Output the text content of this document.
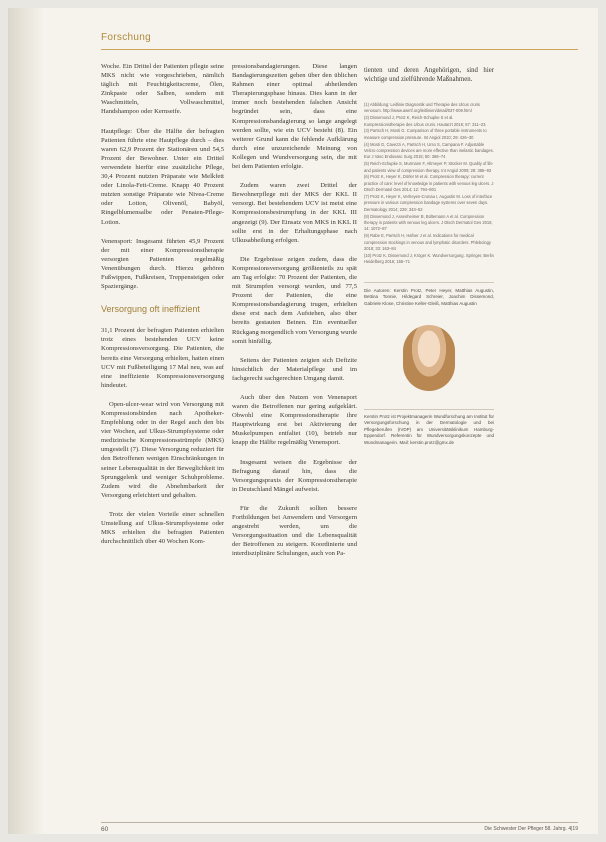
Forschung

Woche. Ein Drittel der Patienten pflegte seine MKS nicht wie vorgeschrieben, nämlich täglich mit Feuchtigkeitscreme, Ölen, Zinkpaste oder Salben, sondern mit Waschmitteln, Vollwaschmittel, Handshampoo oder Kernseife.

Hautpflege: Über die Hälfte der befragten Patienten führte eine Hautpflege durch – dies waren 62,9 Prozent der Stationären und 54,5 Prozent der Bewohner. Unter ein Drittel verwendete hierfür eine zusätzliche Pflege, 30,4 Prozent nutzten Präparate wie Melkfett oder Linola-Fett-Creme. Knapp 40 Prozent nutzten sonstige Präparate wie Nivea-Creme oder Lotion, Olivenöl, Babyöl, Ringelblumensalbe oder Penaten-Pflege-Lotion.

Venensport: Insgesamt führten 45,9 Prozent der mit einer Kompressionstherapie versorgten Patienten regelmäßig Venenübungen durch. Hierzu gehören Fußwippen, Fußkreisen, Treppensteigen oder Spaziergänge.

Versorgung oft ineffizient

31,1 Prozent der befragten Patienten erhielten trotz eines bestehenden UCV keine Kompressionsversorgung. Die Patienten, die bereits eine Versorgung erhielten, hatten einen UCV mit Fußbeteiligung 17 Mal neu, was auf eine ineffiziente Kompressionsversorgung hindeutet.

Open-ulcer-wear wird von Versorgung mit Kompressionsbinden nach Apotheker-Empfehlung oder in der Regel auch den bis vier Wochen, auf Ulkus-Strumpfsysteme oder medizinische Kompressionsstrümpfe (MKS) umgestellt (7). Diese Versorgung reduziert für den Betroffenen wenigen Einschränkungen in seiner Lebensqualität in der Beweglichkeit im Sprunggelenk und weniger Schuhprobleme. Zudem wird die Abnehmbarkeit der Versorgung erleichtert und gehalten.

Trotz der vielen Vorteile einer schnellen Umstellung auf Ulkus-Strumpfsysteme oder MKS erhielten die befragten Patienten durchschnittlich über 40 Wochen Kom-

pressionsbandagierungen. Diese langen Bandagierungszeiten gehen über den üblichen Rahmen einer optimal abheilenden Therapierungsphase hinaus. Dies kann in der immer noch bestehenden falschen Ansicht begründet sein, dass eine Kompressionsbandagierung so lange angelegt werden sollte, wie ein UCV besteht (8). Ein weiterer Grund kann die fehlende Aufklärung durch eine unzureichende Meinung von Kollegen und Wundversorgung sein, die mit bei dem Patienten erfolgte.

Zudem waren zwei Drittel der Bewohnerpflege mit der MKS der KKL II versorgt. Bei bestehendem UCV ist meist eine Kompressionsbestrumpfung in der KKL III angezeigt (9). Der Einsatz von MKS in KKL II sollte erst in der Erhaltungsphase nach Ulkusabheilung erfolgen.

Die Ergebnisse zeigen zudem, dass die Kompressionsversorgung größtenteils zu spät am Tag erfolgte: 70 Prozent der Patienten, die mit Strumpfen versorgt wurden, und 77,5 Prozent der Patienten, die eine Kompressionsbandagierung trugen, erhielten diese erst nach dem Aufstehen, also über bereits gestauten Beinen. Ein eventueller Rückgang morgendlich vom Versorgung wurde somit hinfällig.

Seitens der Patienten zeigten sich Defizite hinsichtlich der Materialpflege und im fachgerecht sachgerechten Umgang damit.

Auch über den Nutzen von Venensport waren die Betroffenen nur gering aufgeklärt. Obwohl eine Kompressionstherapie ihre Hauptwirkung erst bei Aktivierung der Muskelpumpen entfaltet (10), betrieb nur knapp die Hälfte regelmäßig Venensport.

Insgesamt weisen die Ergebnisse der Befragung darauf hin, dass die Versorgungspraxis der Kompressionstherapie in Deutschland Mängel aufweist.

Für die Zukunft sollten bessere Fortbildungen bei Anwendern und Versorgern angestrebt werden, um die Versorgungssituation und die Lebensqualität der Betroffenen zu steigern. Koordinierte und interdisziplinäre Schulungen, auch von Pa-

tienten und deren Angehörigen, sind hier wichtige und zielführende Maßnahmen.

(1) Abbildung: Leitlinie Diagnostik und Therapie des Ulcus cruris venosum. http://www.awmf.org/leitlinien/detail/037-009.html
(2) Dissemond J, Protz K, Reich-Schupke S et al. Kompressionstherapie des Ulcus cruris. Hautarzt 2016; 67: 311–23.
(3) Partsch H, Mosti G. Comparison of three portable instruments to measure compression pressure. Int Angiol 2010; 29: 426–30
(4) Mosti G, Cavezzi A, Partsch H, Urso S, Campana F. Adjustable Velcro compression devices are more effective than inelastic bandages. Eur J Vasc Endovasc Surg 2015; 50: 368–74
(5) Reich-Schupke S, Murmann F, Altmeyer P, Stücker M. Quality of life and patients view of compression therapy. Int Angiol 2009; 28: 385–93
(6) Protz K, Heyer K, Dörler M et al. Compression therapy: current practice of care: level of knowledge in patients with venous leg ulcers. J Dtsch Dermatol Ges 2014; 12: 794–801
(7) Protz K, Heyer K, Verheyen-Cronau I, Augustin M. Loss of interface pressure in various compression bandage systems over seven days. Dermatology 2014; 229: 343–52
(8) Dissemond J, Assenheimer B, Bültemann A et al. Compression therapy in patients with venous leg ulcers. J Dtsch Dermatol Ges 2016; 14: 1072–87
(9) Rabe E, Partsch H, Hafner J et al. Indications for medical compression stockings in venous and lymphatic disorders. Phlebology 2018; 33: 163–84
(10) Protz K, Dissemond J, Kröger K. Wundversorgung. Springer, Berlin Heidelberg 2016; 155–71
Die Autoren: Kerstin Protz, Peter Heyer, Matthias Augustin, Bettina Tonnie, Hildegard Schreier, Joachim Dissemond, Gabriele Klose, Christine Keller-Gleiß, Matthias Augustin
Kerstin Protz ist Projektmanagerin Wundforschung am Institut für Versorgungsforschung in der Dermatologie und bei Pflegeberufen (IVDP) am Universitätsklinikum Hamburg-Eppendorf. Referentin für Wundversorgungskonzepte und Wundmanagerin. Mail: kerstin.protz@gmx.de
60	Die Schwester Der Pfleger 58. Jahrg. 4|19
